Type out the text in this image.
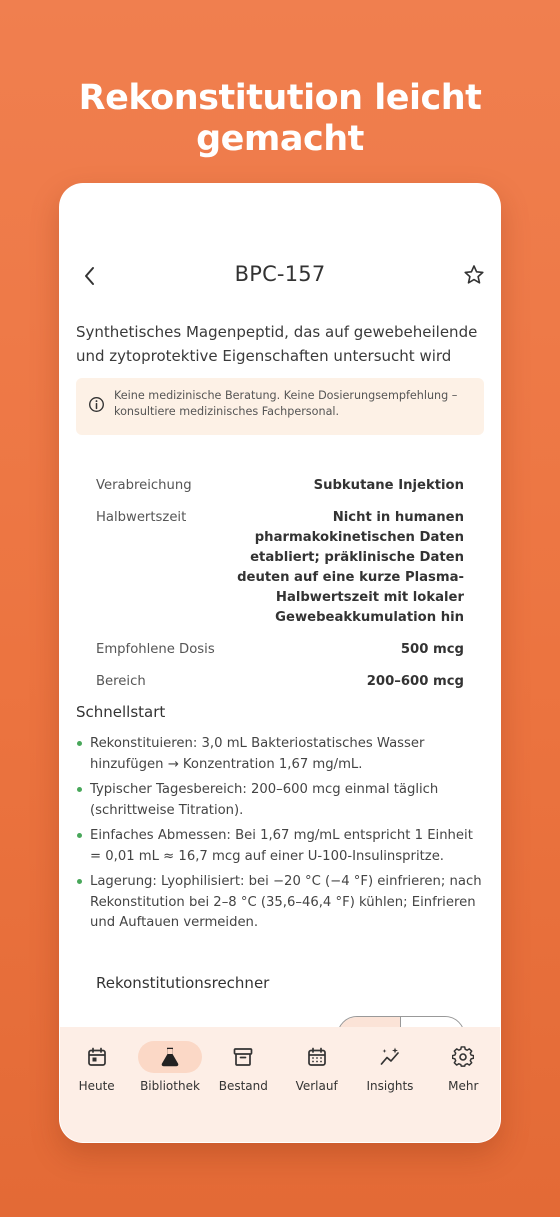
Rekonstitution leicht gemacht
BPC-157
Synthetisches Magenpeptid, das auf gewebeheilende und zytoprotektive Eigenschaften untersucht wird
Keine medizinische Beratung. Keine Dosierungsempfehlung – konsultiere medizinisches Fachpersonal.
Verabreichung	Subkutane Injektion
Halbwertszeit	Nicht in humanen pharmakokinetischen Daten etabliert; präklinische Daten deuten auf eine kurze Plasma-Halbwertszeit mit lokaler Gewebeakkumulation hin
Empfohlene Dosis	500 mcg
Bereich	200–600 mcg
Schnellstart
Rekonstituieren: 3,0 mL Bakteriostatisches Wasser hinzufügen → Konzentration 1,67 mg/mL.
Typischer Tagesbereich: 200–600 mcg einmal täglich (schrittweise Titration).
Einfaches Abmessen: Bei 1,67 mg/mL entspricht 1 Einheit = 0,01 mL ≈ 16,7 mcg auf einer U-100-Insulinspritze.
Lagerung: Lyophilisiert: bei −20 °C (−4 °F) einfrieren; nach Rekonstitution bei 2–8 °C (35,6–46,4 °F) kühlen; Einfrieren und Auftauen vermeiden.
Rekonstitutionsrechner
Heute Bibliothek Bestand Verlauf Insights	Mehr
